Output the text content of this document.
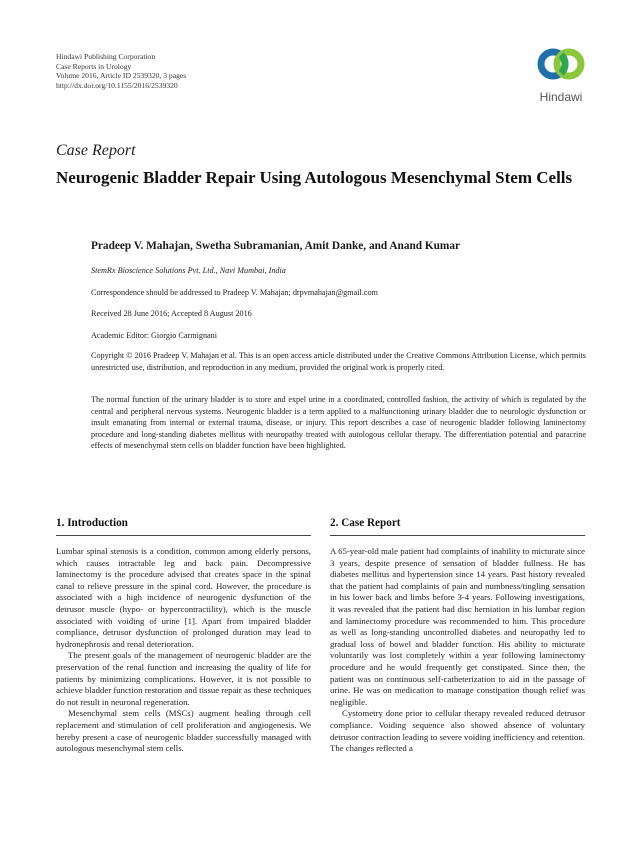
Hindawi Publishing Corporation
Case Reports in Urology
Volume 2016, Article ID 2539320, 3 pages
http://dx.doi.org/10.1155/2016/2539320
Hindawi
Case Report
Neurogenic Bladder Repair Using Autologous Mesenchymal Stem Cells
Pradeep V. Mahajan, Swetha Subramanian, Amit Danke, and Anand Kumar
StemRx Bioscience Solutions Pvt. Ltd., Navi Mumbai, India
Correspondence should be addressed to Pradeep V. Mahajan; drpvmahajan@gmail.com
Received 28 June 2016; Accepted 8 August 2016
Academic Editor: Giorgio Carmignani
Copyright © 2016 Pradeep V. Mahajan et al. This is an open access article distributed under the Creative Commons Attribution License, which permits unrestricted use, distribution, and reproduction in any medium, provided the original work is properly cited.
The normal function of the urinary bladder is to store and expel urine in a coordinated, controlled fashion, the activity of which is regulated by the central and peripheral nervous systems. Neurogenic bladder is a term applied to a malfunctioning urinary bladder due to neurologic dysfunction or insult emanating from internal or external trauma, disease, or injury. This report describes a case of neurogenic bladder following laminectomy procedure and long-standing diabetes mellitus with neuropathy treated with autologous cellular therapy. The differentiation potential and paracrine effects of mesenchymal stem cells on bladder function have been highlighted.
1. Introduction

Lumbar spinal stenosis is a condition, common among elderly persons, which causes intractable leg and back pain. Decompressive laminectomy is the procedure advised that creates space in the spinal canal to relieve pressure in the spinal cord. However, the procedure is associated with a high incidence of neurogenic dysfunction of the detrusor muscle (hypo- or hypercontractility), which is the muscle associated with voiding of urine [1]. Apart from impaired bladder compliance, detrusor dysfunction of prolonged duration may lead to hydronephrosis and renal deterioration.

The present goals of the management of neurogenic bladder are the preservation of the renal function and increasing the quality of life for patients by minimizing complications. However, it is not possible to achieve bladder function restoration and tissue repair as these techniques do not result in neuronal regeneration.

Mesenchymal stem cells (MSCs) augment healing through cell replacement and stimulation of cell proliferation and angiogenesis. We hereby present a case of neurogenic bladder successfully managed with autologous mesenchymal stem cells.

2. Case Report

A 65-year-old male patient had complaints of inability to micturate since 3 years, despite presence of sensation of bladder fullness. He has diabetes mellitus and hypertension since 14 years. Past history revealed that the patient had complaints of pain and numbness/tingling sensation in his lower back and limbs before 3-4 years. Following investigations, it was revealed that the patient had disc herniation in his lumbar region and laminectomy procedure was recommended to him. This procedure as well as long-standing uncontrolled diabetes and neuropathy led to gradual loss of bowel and bladder function. His ability to micturate voluntarily was lost completely within a year following laminectomy procedure and he would frequently get constipated. Since then, the patient was on continuous self-catheterization to aid in the passage of urine. He was on medication to manage constipation though relief was negligible.

Cystometry done prior to cellular therapy revealed reduced detrusor compliance. Voiding sequence also showed absence of voluntary detrusor contraction leading to severe voiding inefficiency and retention. The changes reflected a
